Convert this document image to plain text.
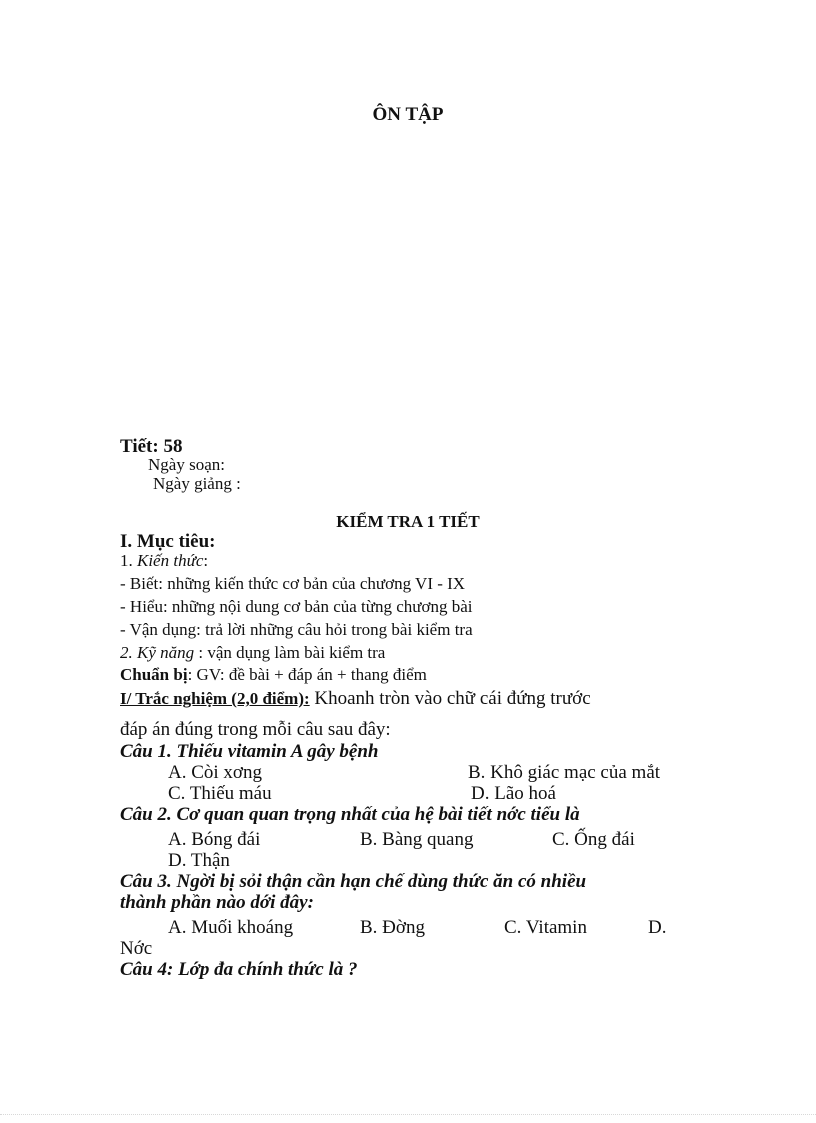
ÔN TẬP
Tiết: 58
Ngày soạn:
Ngày giảng :
KIỂM TRA 1 TIẾT
I. Mục tiêu:
1. Kiến thức:
- Biết: những kiến thức cơ bản của chương VI - IX
- Hiểu: những nội dung cơ bản của từng chương bài
- Vận dụng: trả lời những câu hỏi trong bài kiểm tra
2. Kỹ năng : vận dụng làm bài kiểm tra
Chuẩn bị: GV: đề bài + đáp án + thang điểm
I/ Trắc nghiệm (2,0 điểm): Khoanh tròn vào chữ cái đứng trước
đáp án đúng trong mỗi câu sau đây:
Câu 1. Thiếu vitamin A gây bệnh
A. Còi xơng	B. Khô giác mạc của mắt
C. Thiếu máu	D. Lão hoá
Câu 2. Cơ quan quan trọng nhất của hệ bài tiết nớc tiểu là
A. Bóng đái	B. Bàng quang	C. Ống đái
D. Thận
Câu 3. Ngời bị sỏi thận cần hạn chế dùng thức ăn có nhiều
thành phần nào dới đây:
A. Muối khoáng	B. Đờng	C. Vitamin	D.
Nớc
Câu 4: Lớp đa chính thức là ?
